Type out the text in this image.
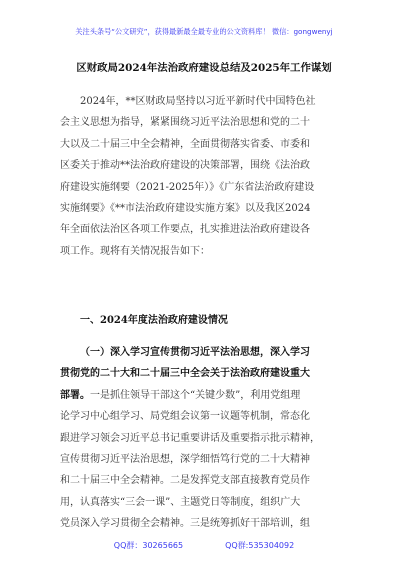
关注头条号“公文研究”，获得最新最全最专业的公文资料库！ 微信：gongwenyj
区财政局2024年法治政府建设总结及2025年工作谋划
2024年，**区财政局坚持以习近平新时代中国特色社
会主义思想为指导，紧紧围绕习近平法治思想和党的二十
大以及二十届三中全会精神，全面贯彻落实省委、市委和
区委关于推动**法治政府建设的决策部署，围绕《法治政
府建设实施纲要（2021-2025年）》《广东省法治政府建设
实施纲要》《**市法治政府建设实施方案》以及我区2024
年全面依法治区各项工作要点，扎实推进法治政府建设各
项工作。现将有关情况报告如下：
一、2024年度法治政府建设情况
（一）深入学习宣传贯彻习近平法治思想，深入学习
贯彻党的二十大和二十届三中全会关于法治政府建设重大
部署。一是抓住领导干部这个“关键少数”，利用党组理
论学习中心组学习、局党组会议第一议题等机制，常态化
跟进学习领会习近平总书记重要讲话及重要指示批示精神，
宣传贯彻习近平法治思想，深学细悟笃行党的二十大精神
和二十届三中全会精神。二是发挥党支部直接教育党员作
用，认真落实“三会一课”、主题党日等制度，组织广大
党员深入学习贯彻全会精神。三是统筹抓好干部培训，组
QQ群：30265665	QQ群:535304092
